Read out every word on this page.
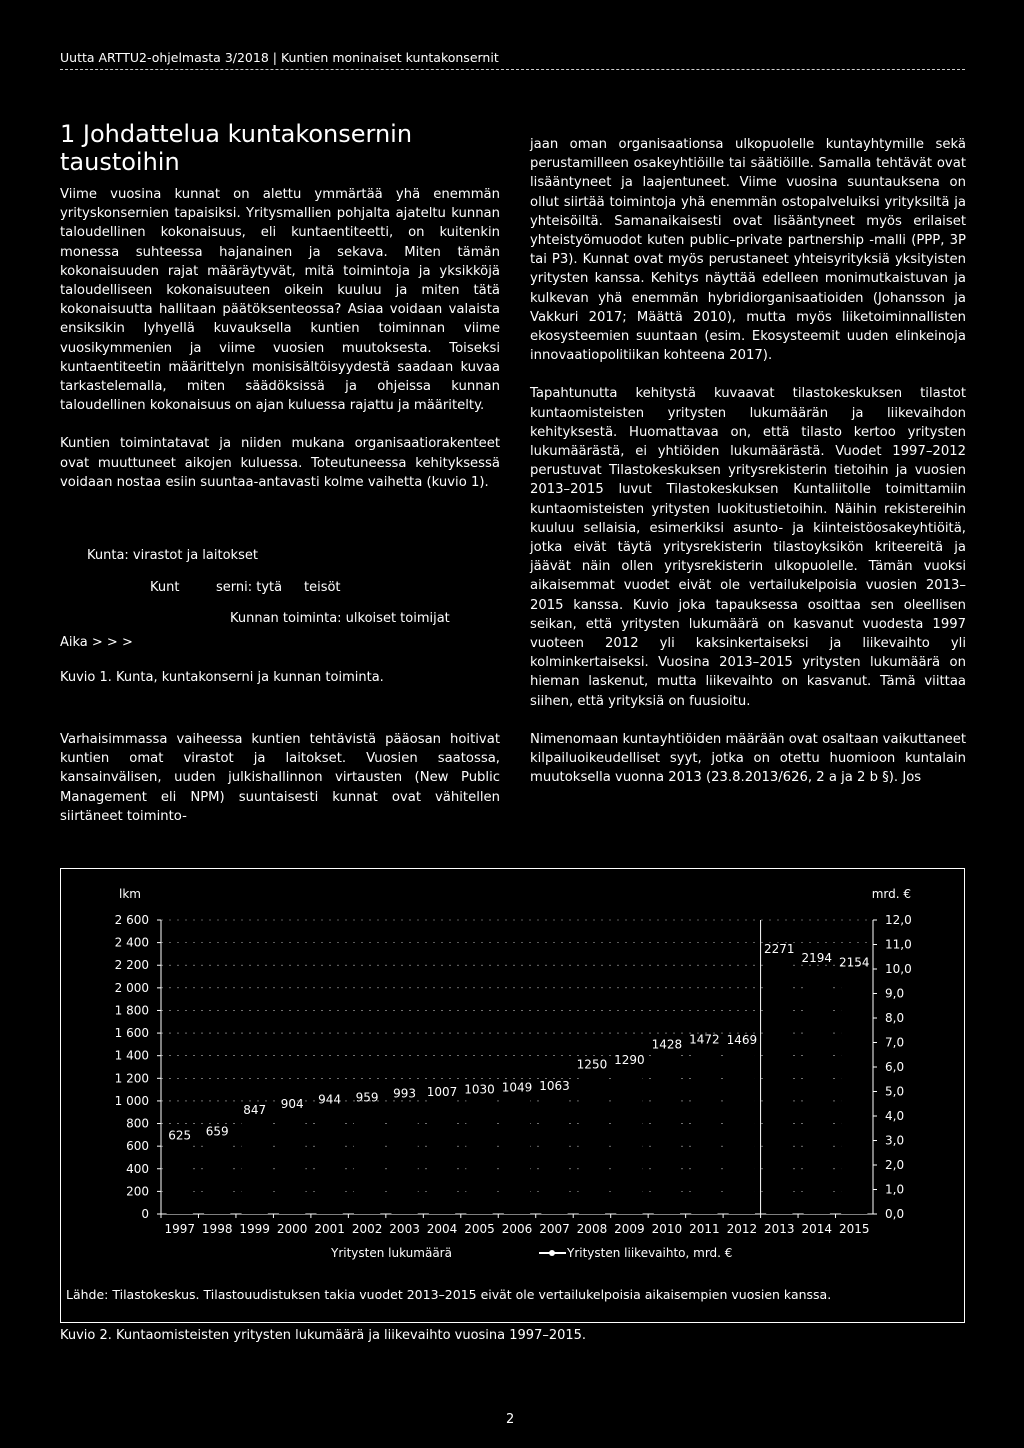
Uutta ARTTU2-ohjelmasta 3/2018 | Kuntien moninaiset kuntakonsernit
1 Johdattelua kuntakonsernin taustoihin

Viime vuosina kunnat on alettu ymmärtää yhä enemmän yrityskonsernien tapaisiksi. Yritysmallien pohjalta ajateltu kunnan taloudellinen kokonaisuus, eli kuntaentiteetti, on kuitenkin monessa suhteessa hajanainen ja sekava. Miten tämän kokonaisuuden rajat määräytyvät, mitä toimintoja ja yksikköjä taloudelliseen kokonaisuuteen oikein kuuluu ja miten tätä kokonaisuutta hallitaan päätöksenteossa? Asiaa voidaan valaista ensiksikin lyhyellä kuvauksella kuntien toiminnan viime vuosikymmenien ja viime vuosien muutoksesta. Toiseksi kuntaentiteetin määrittelyn monisisältöisyydestä saadaan kuvaa tarkastelemalla, miten säädöksissä ja ohjeissa kunnan taloudellinen kokonaisuus on ajan kuluessa rajattu ja määritelty.

Kuntien toimintatavat ja niiden mukana organisaatiorakenteet ovat muuttuneet aikojen kuluessa. Toteutuneessa kehityksessä voidaan nostaa esiin suuntaa-antavasti kolme vaihetta (kuvio 1).

Kunta: virastot ja laitokset
Kunt	serni: tytä teisöt
Kunnan toiminta: ulkoiset toimijat
Aika > > >
Kuvio 1. Kunta, kuntakonserni ja kunnan toiminta.

Varhaisimmassa vaiheessa kuntien tehtävistä pääosan hoitivat kuntien omat virastot ja laitokset. Vuosien saatossa, kansainvälisen, uuden julkishallinnon virtausten (New Public Management eli NPM) suuntaisesti kunnat ovat vähitellen siirtäneet toiminto-

jaan oman organisaationsa ulkopuolelle kuntayhtymille sekä perustamilleen osakeyhtiöille tai säätiöille. Samalla tehtävät ovat lisääntyneet ja laajentuneet. Viime vuosina suuntauksena on ollut siirtää toimintoja yhä enemmän ostopalveluiksi yrityksiltä ja yhteisöiltä. Samanaikaisesti ovat lisääntyneet myös erilaiset yhteistyömuodot kuten public–private partnership -malli (PPP, 3P tai P3). Kunnat ovat myös perustaneet yhteisyrityksiä yksityisten yritysten kanssa. Kehitys näyttää edelleen monimutkaistuvan ja kulkevan yhä enemmän hybridiorganisaatioiden (Johansson ja Vakkuri 2017; Määttä 2010), mutta myös liiketoiminnallisten ekosysteemien suuntaan (esim. Ekosysteemit uuden elinkeinoja innovaatiopolitiikan kohteena 2017).

Tapahtunutta kehitystä kuvaavat tilastokeskuksen tilastot kuntaomisteisten yritysten lukumäärän ja liikevaihdon kehityksestä. Huomattavaa on, että tilasto kertoo yritysten lukumäärästä, ei yhtiöiden lukumäärästä. Vuodet 1997–2012 perustuvat Tilastokeskuksen yritysrekisterin tietoihin ja vuosien 2013–2015 luvut Tilastokeskuksen Kuntaliitolle toimittamiin kuntaomisteisten yritysten luokitustietoihin. Näihin rekistereihin kuuluu sellaisia, esimerkiksi asunto- ja kiinteistöosakeyhtiöitä, jotka eivät täytä yritysrekisterin tilastoyksikön kriteereitä ja jäävät näin ollen yritysrekisterin ulkopuolelle. Tämän vuoksi aikaisemmat vuodet eivät ole vertailukelpoisia vuosien 2013–2015 kanssa. Kuvio joka tapauksessa osoittaa sen oleellisen seikan, että yritysten lukumäärä on kasvanut vuodesta 1997 vuoteen 2012 yli kaksinkertaiseksi ja liikevaihto yli kolminkertaiseksi. Vuosina 2013–2015 yritysten lukumäärä on hieman laskenut, mutta liikevaihto on kasvanut. Tämä viittaa siihen, että yrityksiä on fuusioitu.

Nimenomaan kuntayhtiöiden määrään ovat osaltaan vaikuttaneet kilpailuoikeudelliset syyt, jotka on otettu huomioon kuntalain muutoksella vuonna 2013 (23.8.2013/626, 2 a ja 2 b §). Jos

0
200
400
600
800
1 000
1 200
1 400
1 600
1 800
2 000
2 200
2 400
2 600
0,0
1,0
2,0
3,0
4,0
5,0
6,0
7,0
8,0
9,0
10,0
11,0
12,0
lkm	mrd. €
625
1997
659
1998
847
1999
904
2000
944
2001
959
2002
993
2003
1007
2004
1030
2005
1049
2006
1063
2007
1250
2008
1290
2009
1428
2010
1472
2011
1469
2012
2271
2013
2194
2014
2154
2015
Yritysten lukumäärä	Yritysten liikevaihto, mrd. €
Lähde: Tilastokeskus. Tilastouudistuksen takia vuodet 2013–2015 eivät ole vertailukelpoisia aikaisempien vuosien kanssa.
Kuvio 2. Kuntaomisteisten yritysten lukumäärä ja liikevaihto vuosina 1997–2015.
2
